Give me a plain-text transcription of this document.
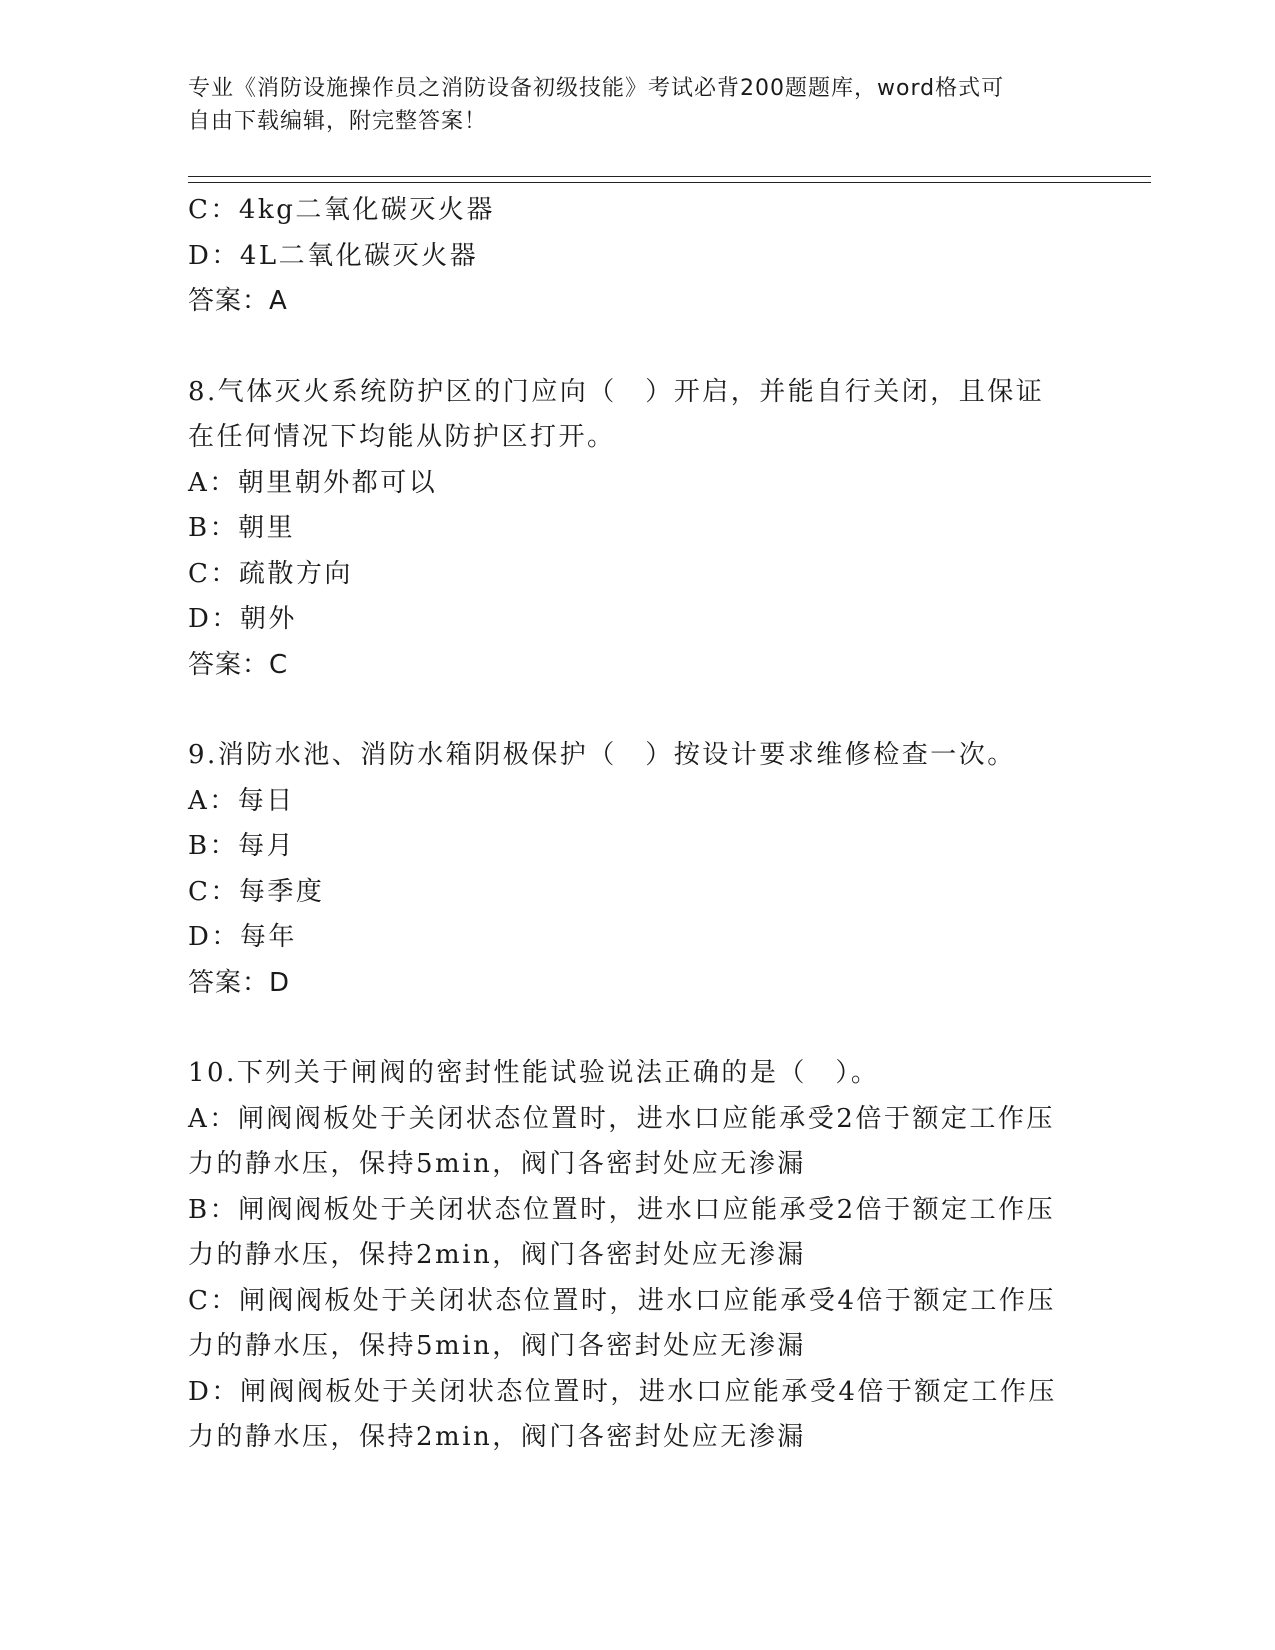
专业《消防设施操作员之消防设备初级技能》考试必背200题题库，word格式可
自由下载编辑，附完整答案！
C：4kg二氧化碳灭火器
D：4L二氧化碳灭火器
答案：A
8.气体灭火系统防护区的门应向（　）开启，并能自行关闭，且保证
在任何情况下均能从防护区打开。
A：朝里朝外都可以
B：朝里
C：疏散方向
D：朝外
答案：C
9.消防水池、消防水箱阴极保护（　）按设计要求维修检查一次。
A：每日
B：每月
C：每季度
D：每年
答案：D
10.下列关于闸阀的密封性能试验说法正确的是（　）。
A：闸阀阀板处于关闭状态位置时，进水口应能承受2倍于额定工作压
力的静水压，保持5min，阀门各密封处应无渗漏
B：闸阀阀板处于关闭状态位置时，进水口应能承受2倍于额定工作压
力的静水压，保持2min，阀门各密封处应无渗漏
C：闸阀阀板处于关闭状态位置时，进水口应能承受4倍于额定工作压
力的静水压，保持5min，阀门各密封处应无渗漏
D：闸阀阀板处于关闭状态位置时，进水口应能承受4倍于额定工作压
力的静水压，保持2min，阀门各密封处应无渗漏
